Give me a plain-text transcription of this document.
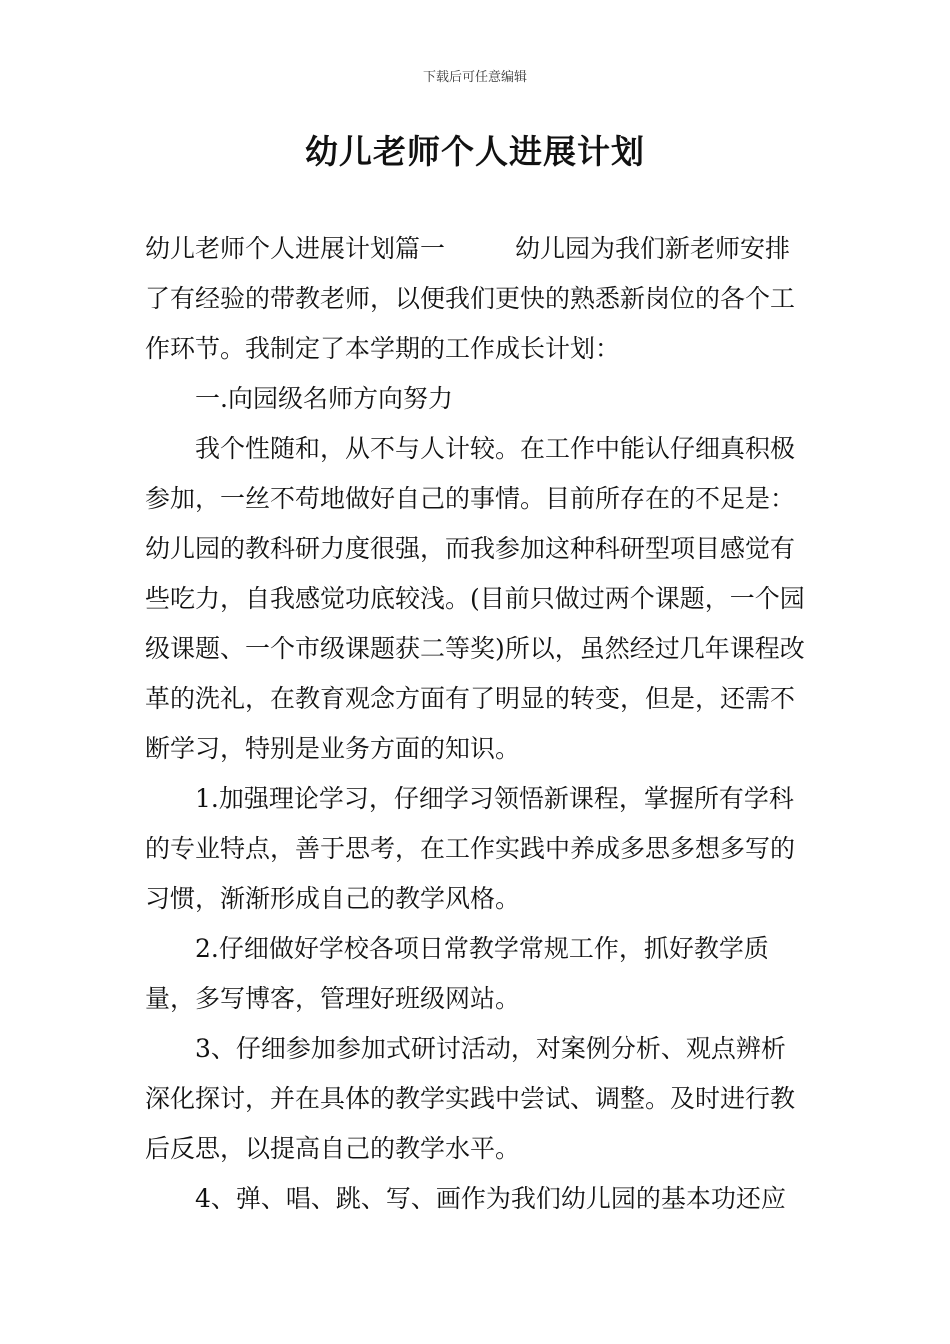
下载后可任意编辑
幼儿老师个人进展计划

幼儿老师个人进展计划篇一	幼儿园为我们新老师安排了有经验的带教老师，以便我们更快的熟悉新岗位的各个工作环节。我制定了本学期的工作成长计划：

一.向园级名师方向努力

我个性随和，从不与人计较。在工作中能认仔细真积极参加，一丝不苟地做好自己的事情。目前所存在的不足是：幼儿园的教科研力度很强，而我参加这种科研型项目感觉有些吃力，自我感觉功底较浅。(目前只做过两个课题，一个园级课题、一个市级课题获二等奖)所以，虽然经过几年课程改革的洗礼，在教育观念方面有了明显的转变，但是，还需不断学习，特别是业务方面的知识。

1.加强理论学习，仔细学习领悟新课程，掌握所有学科的专业特点，善于思考，在工作实践中养成多思多想多写的习惯，渐渐形成自己的教学风格。

2.仔细做好学校各项日常教学常规工作，抓好教学质量，多写博客，管理好班级网站。

3、仔细参加参加式研讨活动，对案例分析、观点辨析深化探讨，并在具体的教学实践中尝试、调整。及时进行教后反思，以提高自己的教学水平。

4、弹、唱、跳、写、画作为我们幼儿园的基本功还应
